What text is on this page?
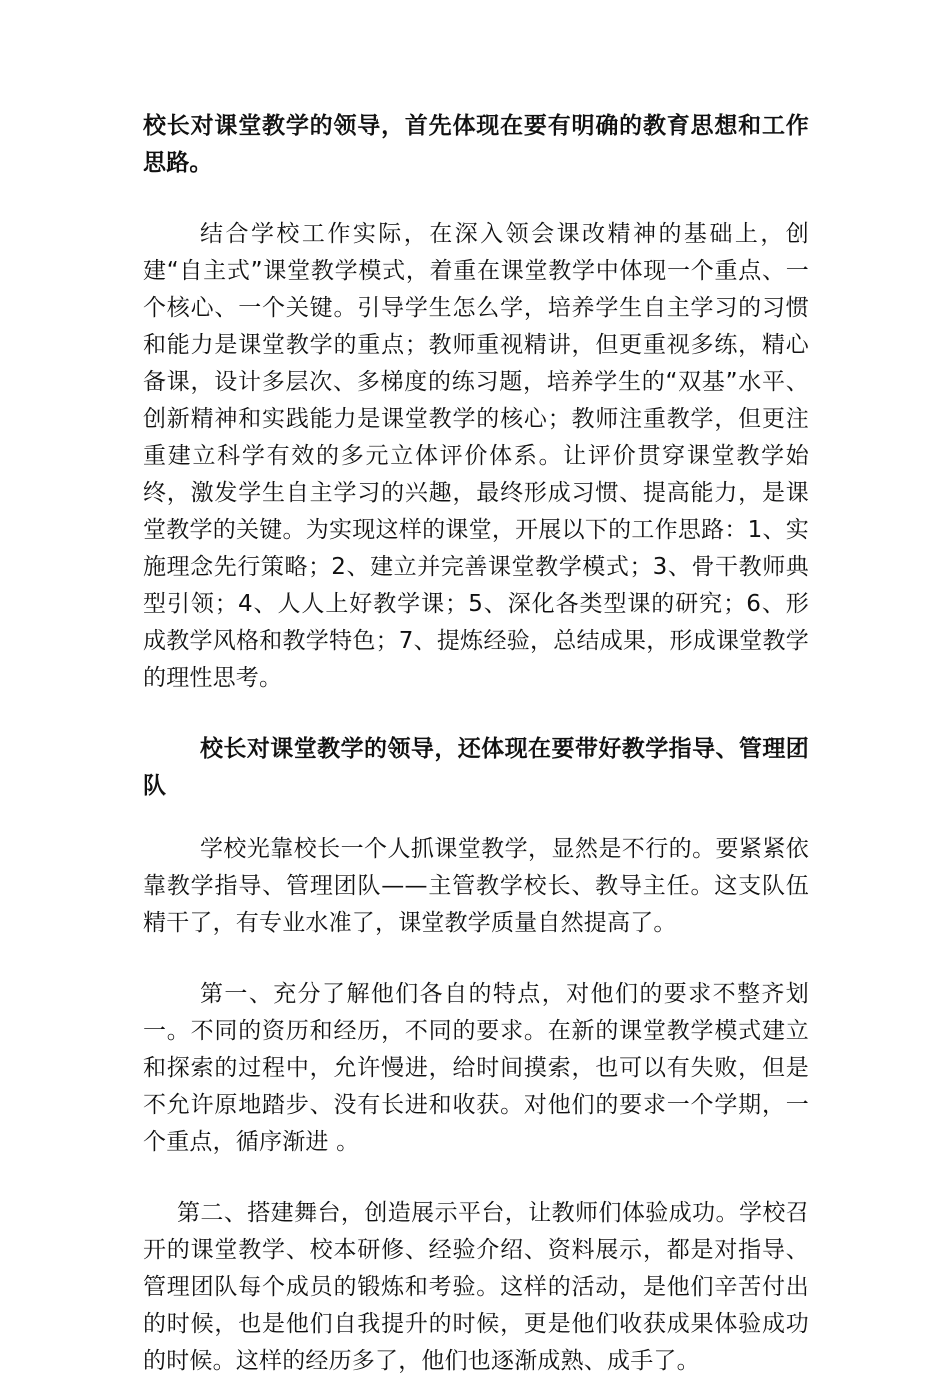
校长对课堂教学的领导，首先体现在要有明确的教育思想和工作思路。

结合学校工作实际，在深入领会课改精神的基础上，创建“自主式”课堂教学模式，着重在课堂教学中体现一个重点、一个核心、一个关键。引导学生怎么学，培养学生自主学习的习惯和能力是课堂教学的重点；教师重视精讲，但更重视多练，精心备课，设计多层次、多梯度的练习题，培养学生的“双基”水平、创新精神和实践能力是课堂教学的核心；教师注重教学，但更注重建立科学有效的多元立体评价体系。让评价贯穿课堂教学始终，激发学生自主学习的兴趣，最终形成习惯、提高能力，是课堂教学的关键。为实现这样的课堂，开展以下的工作思路：1、实施理念先行策略；2、建立并完善课堂教学模式；3、骨干教师典型引领；4、人人上好教学课；5、深化各类型课的研究；6、形成教学风格和教学特色；7、提炼经验，总结成果，形成课堂教学的理性思考。

校长对课堂教学的领导，还体现在要带好教学指导、管理团队

学校光靠校长一个人抓课堂教学，显然是不行的。要紧紧依靠教学指导、管理团队——主管教学校长、教导主任。这支队伍精干了，有专业水准了，课堂教学质量自然提高了。

第一、充分了解他们各自的特点，对他们的要求不整齐划一。不同的资历和经历，不同的要求。在新的课堂教学模式建立和探索的过程中，允许慢进，给时间摸索，也可以有失败，但是不允许原地踏步、没有长进和收获。对他们的要求一个学期，一个重点，循序渐进 。

第二、搭建舞台，创造展示平台，让教师们体验成功。学校召开的课堂教学、校本研修、经验介绍、资料展示，都是对指导、管理团队每个成员的锻炼和考验。这样的活动，是他们辛苦付出的时候，也是他们自我提升的时候，更是他们收获成果体验成功的时候。这样的经历多了，他们也逐渐成熟、成手了。
